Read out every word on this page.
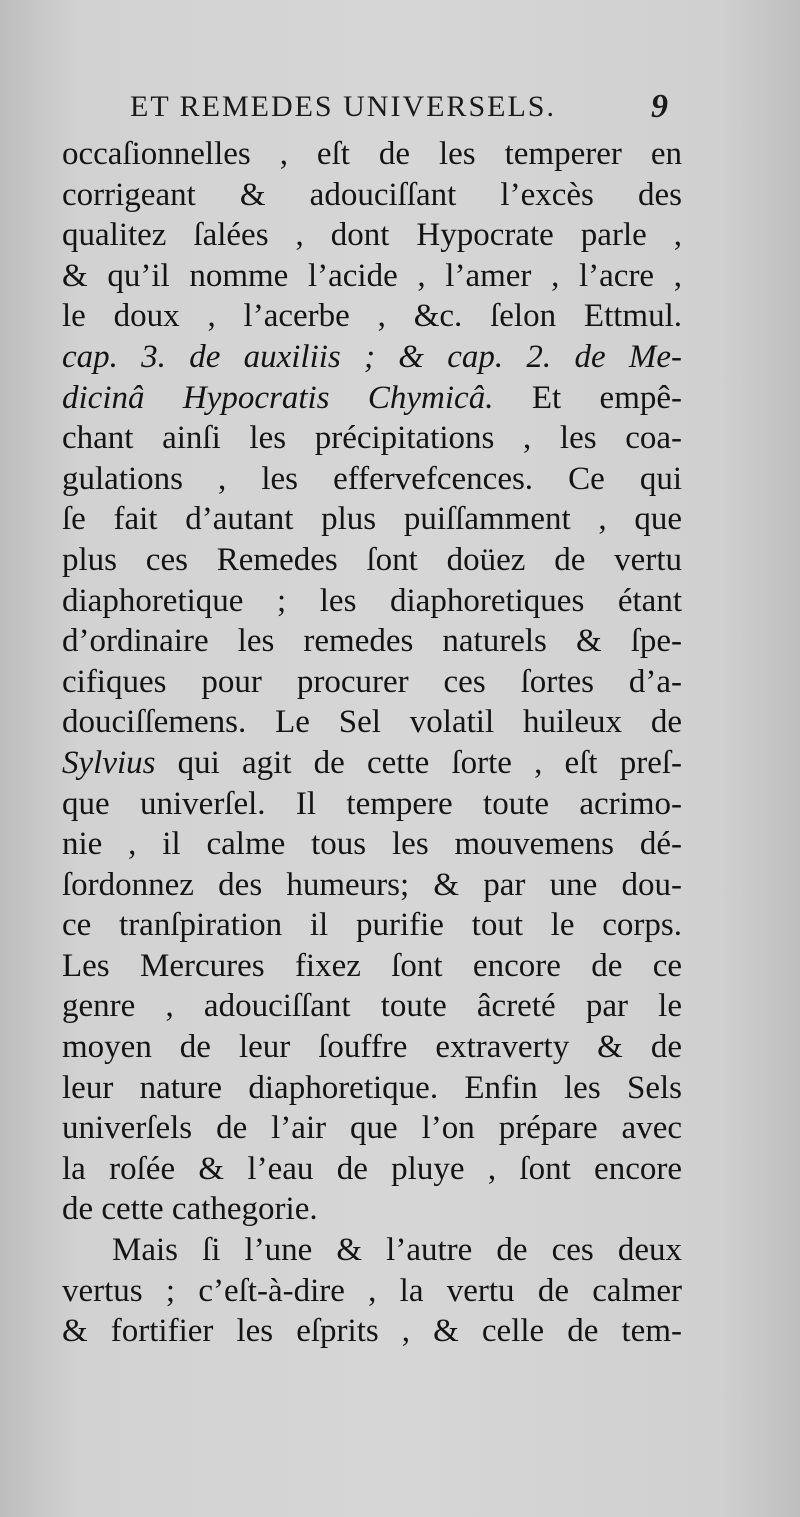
ET REMEDES UNIVERSELS.	9
occaſionnelles , eſt de les temperer en
corrigeant & adouciſſant l’excès des
qualitez ſalées , dont Hypocrate parle ,
& qu’il nomme l’acide , l’amer , l’acre ,
le doux , l’acerbe , &c. ſelon Ettmul.
cap. 3. de auxiliis ; & cap. 2. de Me-
dicinâ Hypocratis Chymicâ. Et empê-
chant ainſi les précipitations , les coa-
gulations , les effervefcences. Ce qui
ſe fait d’autant plus puiſſamment , que
plus ces Remedes ſont doüez de vertu
diaphoretique ; les diaphoretiques étant
d’ordinaire les remedes naturels & ſpe-
cifiques pour procurer ces ſortes d’a-
douciſſemens. Le Sel volatil huileux de
Sylvius qui agit de cette ſorte , eſt preſ-
que univerſel. Il tempere toute acrimo-
nie , il calme tous les mouvemens dé-
ſordonnez des humeurs; & par une dou-
ce tranſpiration il purifie tout le corps.
Les Mercures fixez ſont encore de ce
genre , adouciſſant toute âcreté par le
moyen de leur ſouffre extraverty & de
leur nature diaphoretique. Enfin les Sels
univerſels de l’air que l’on prépare avec
la roſée & l’eau de pluye , ſont encore
de cette cathegorie.
Mais ſi l’une & l’autre de ces deux
vertus ; c’eſt-à-dire , la vertu de calmer
& fortifier les eſprits , & celle de tem-
